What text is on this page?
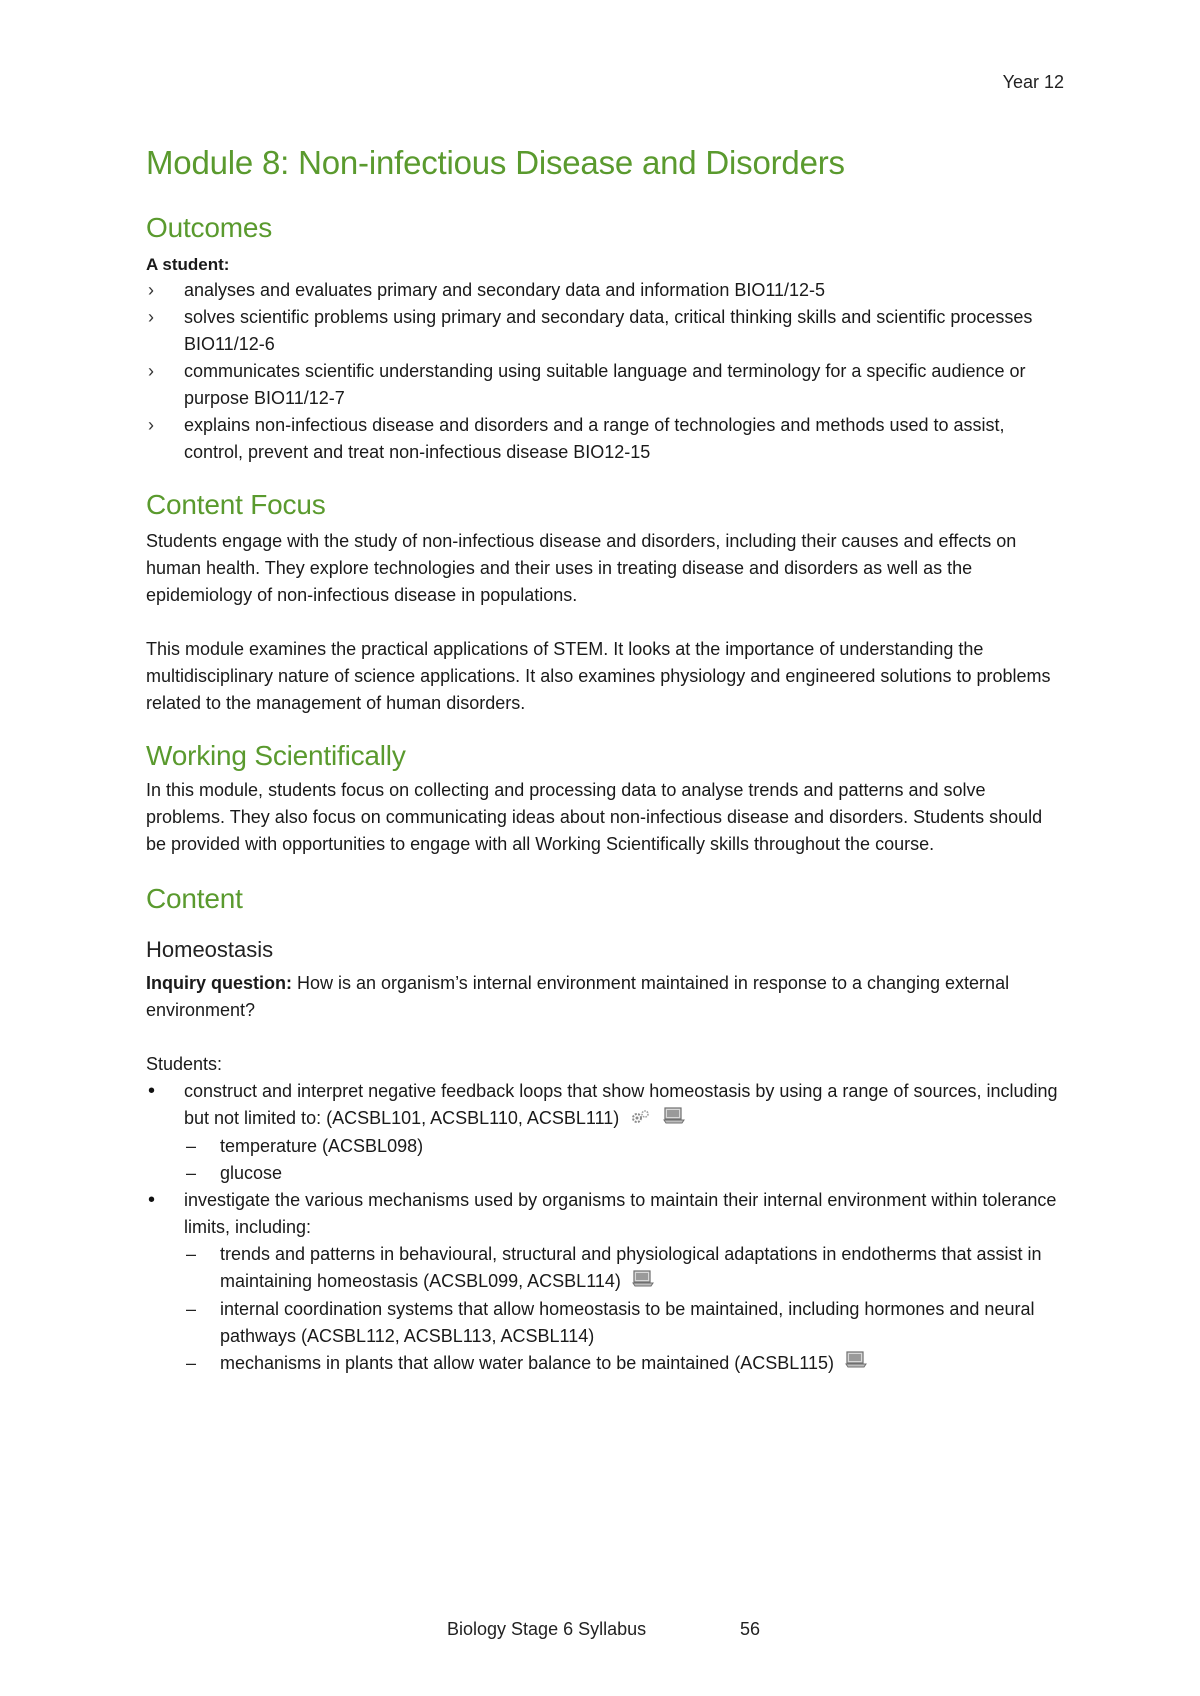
Year 12
Module 8: Non-infectious Disease and Disorders
Outcomes

A student:

› analyses and evaluates primary and secondary data and information BIO11/12-5
› solves scientific problems using primary and secondary data, critical thinking skills and scientific processes BIO11/12-6
› communicates scientific understanding using suitable language and terminology for a specific audience or purpose BIO11/12-7
› explains non-infectious disease and disorders and a range of technologies and methods used to assist, control, prevent and treat non-infectious disease BIO12-15
Content Focus

Students engage with the study of non-infectious disease and disorders, including their causes and effects on human health. They explore technologies and their uses in treating disease and disorders as well as the epidemiology of non-infectious disease in populations.

This module examines the practical applications of STEM. It looks at the importance of understanding the multidisciplinary nature of science applications. It also examines physiology and engineered solutions to problems related to the management of human disorders.

Working Scientifically

In this module, students focus on collecting and processing data to analyse trends and patterns and solve problems. They also focus on communicating ideas about non-infectious disease and disorders. Students should be provided with opportunities to engage with all Working Scientifically skills throughout the course.

Content
Homeostasis

Inquiry question: How is an organism’s internal environment maintained in response to a changing external environment?

Students:

• construct and interpret negative feedback loops that show homeostasis by using a range of sources, including but not limited to: (ACSBL101, ACSBL110, ACSBL111)
– temperature (ACSBL098)
– glucose
• investigate the various mechanisms used by organisms to maintain their internal environment within tolerance limits, including:
– trends and patterns in behavioural, structural and physiological adaptations in endotherms that assist in maintaining homeostasis (ACSBL099, ACSBL114)
– internal coordination systems that allow homeostasis to be maintained, including hormones and neural pathways (ACSBL112, ACSBL113, ACSBL114)
– mechanisms in plants that allow water balance to be maintained (ACSBL115)
Biology Stage 6 Syllabus	56
